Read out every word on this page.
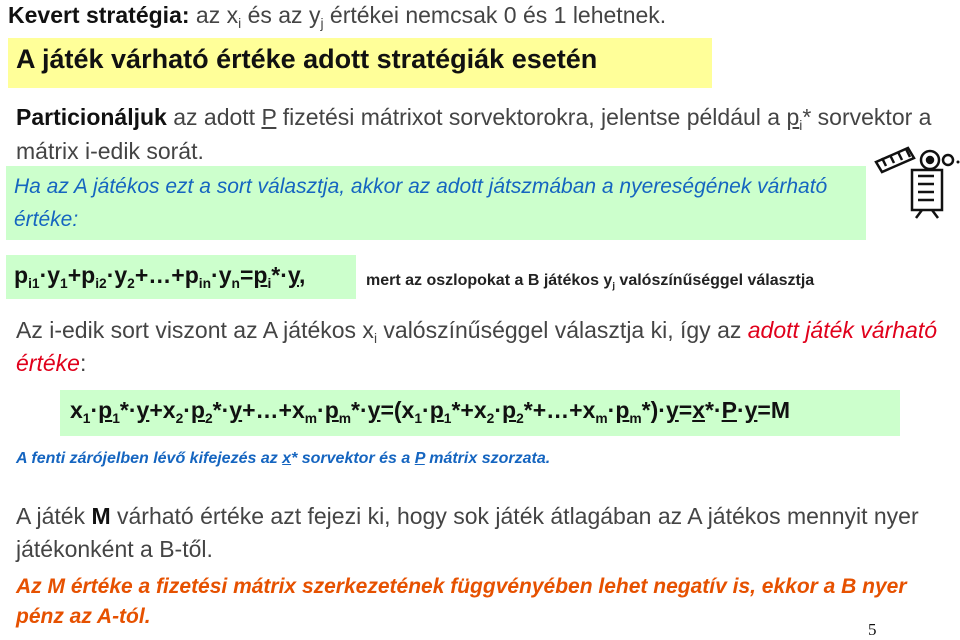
Kevert stratégia: az $x_i$ és az $y_j$ értékei nemcsak 0 és 1 lehetnek.
A játék várható értéke adott stratégiák esetén
Particionáljuk az adott P fizetési mátrixot sorvektorokra, jelentse például a $p_i*$ sorvektor a mátrix i-edik sorát.
Ha az A játékos ezt a sort választja, akkor az adott játszmában a nyereségének várható értéke:
$p_{i1}\cdot y_1+p_{i2}\cdot y_2+\dots+p_{in}\cdot y_n=p_i*\cdot y$,	mert az oszlopokat a B játékos $y_j$ valószínűséggel választja
Az i-edik sort viszont az A játékos $x_i$ valószínűséggel választja ki, így az adott játék várható értéke:
$x_1\cdot p_1*\cdot y+x_2\cdot p_2*\cdot y+\dots+x_m\cdot p_m*\cdot y=(x_1\cdot p_1*+x_2\cdot p_2*+\dots+x_m\cdot p_m*)\cdot y=x*\cdot P\cdot y=M$
A fenti zárójelben lévő kifejezés az x* sorvektor és a P mátrix szorzata.
A játék M várható értéke azt fejezi ki, hogy sok játék átlagában az A játékos mennyit nyer játékonként a B-től.
Az M értéke a fizetési mátrix szerkezetének függvényében lehet negatív is, ekkor a B nyer pénz az A-tól.
5
